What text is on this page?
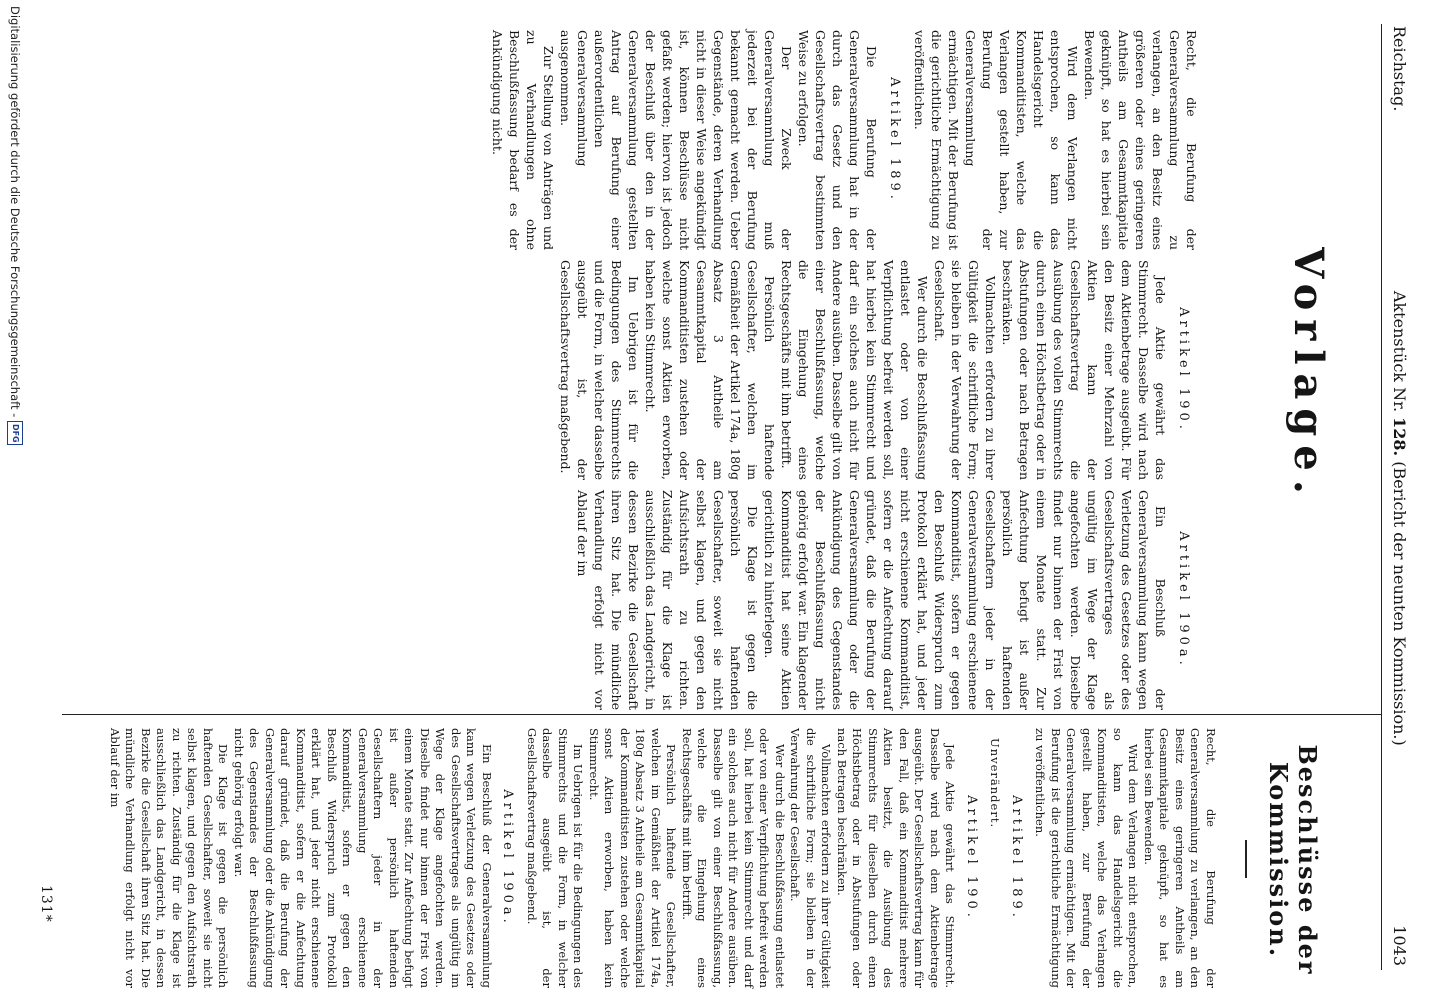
Reichstag.
Aktenstück Nr. 128. (Bericht der neunten Kommission.)
1043
Vorlage.
Beschlüsse der Kommission.

Recht, die Berufung der Generalversammlung zu verlangen, an den Besitz eines größeren oder eines geringeren Antheils am Gesammtkapitale geknüpft, so hat es hierbei sein Bewenden.

Wird dem Verlangen nicht entsprochen, so kann das Handelsgericht die Kommanditisten, welche das Verlangen gestellt haben, zur Berufung der Generalversammlung ermächtigen. Mit der Berufung ist die gerichtliche Ermächtigung zu veröffentlichen.

Artikel 189.

Die Berufung der Generalversammlung hat in der durch das Gesetz und den Gesellschaftsvertrag bestimmten Weise zu erfolgen.

Der Zweck der Generalversammlung muß jederzeit bei der Berufung bekannt gemacht werden. Ueber Gegenstände, deren Verhandlung nicht in dieser Weise angekündigt ist, können Beschlüsse nicht gefaßt werden; hiervon ist jedoch der Beschluß über den in der Generalversammlung gestellten Antrag auf Berufung einer außerordentlichen Generalversammlung ausgenommen.

Zur Stellung von Anträgen und zu Verhandlungen ohne Beschlußfassung bedarf es der Ankündigung nicht.

Artikel 190.

Jede Aktie gewährt das Stimmrecht. Dasselbe wird nach dem Aktienbetrage ausgeübt. Für den Besitz einer Mehrzahl von Aktien kann der Gesellschaftsvertrag die Ausübung des vollen Stimmrechts durch einen Höchstbetrag oder in Abstufungen oder nach Betragen beschränken.

Vollmachten erfordern zu ihrer Gültigkeit die schriftliche Form; sie bleiben in der Verwahrung der Gesellschaft.

Wer durch die Beschlußfassung entlastet oder von einer Verpflichtung befreit werden soll, hat hierbei kein Stimmrecht und darf ein solches auch nicht für Andere ausüben. Dasselbe gilt von einer Beschlußfassung, welche die Eingehung eines Rechtsgeschäfts mit ihm betrifft.

Persönlich haftende Gesellschafter, welchen im Gemäßheit der Artikel 174a, 180g Absatz 3 Antheile am Gesammtkapital der Kommanditisten zustehen oder welche sonst Aktien erworben, haben kein Stimmrecht.

Im Uebrigen ist für die Bedingungen des Stimmrechts und die Form, in welcher dasselbe ausgeübt ist, der Gesellschaftsvertrag maßgebend.

Artikel 190a.

Ein Beschluß der Generalversammlung kann wegen Verletzung des Gesetzes oder des Gesellschaftsvertrages als ungültig im Wege der Klage angefochten werden. Dieselbe findet nur binnen der Frist von einem Monate statt. Zur Anfechtung befugt ist außer persönlich haftenden Gesellschaftern jeder in der Generalversammlung erschienene Kommanditist, sofern er gegen den Beschluß Widerspruch zum Protokoll erklärt hat, und jeder nicht erschienene Kommanditist, sofern er die Anfechtung darauf gründet, daß die Berufung der Generalversammlung oder die Ankündigung des Gegenstandes der Beschlußfassung nicht gehörig erfolgt war. Ein klagender Kommanditist hat seine Aktien gerichtlich zu hinterlegen.

Die Klage ist gegen die persönlich haftenden Gesellschafter, soweit sie nicht selbst klagen, und gegen den Aufsichtsrath zu richten. Zuständig für die Klage ist ausschließlich das Landgericht, in dessen Bezirke die Gesellschaft ihren Sitz hat. Die mündliche Verhandlung erfolgt nicht vor Ablauf der im

Recht, die Berufung der Generalversammlung zu verlangen, an den Besitz eines geringeren Antheils am Gesammtkapitale geknüpft, so hat es hierbei sein Bewenden.

Wird dem Verlangen nicht entsprochen, so kann das Handelsgericht die Kommanditisten, welche das Verlangen gestellt haben, zur Berufung der Generalversammlung ermächtigen. Mit der Berufung ist die gerichtliche Ermächtigung zu veröffentlichen.

Artikel 189.

Unverändert.

Artikel 190.

Jede Aktie gewährt das Stimmrecht. Dasselbe wird nach dem Aktienbetrage ausgeübt. Der Gesellschaftsvertrag kann für den Fall, daß ein Kommanditist mehrere Aktien besitzt, die Ausübung des Stimmrechts für dieselben durch einen Höchstbetrag oder in Abstufungen oder nach Betragen beschränken.

Vollmachten erfordern zu ihrer Gültigkeit die schriftliche Form; sie bleiben in der Verwahrung der Gesellschaft.

Wer durch die Beschlußfassung entlastet oder von einer Verpflichtung befreit werden soll, hat hierbei kein Stimmrecht und darf ein solches auch nicht für Andere ausüben. Dasselbe gilt von einer Beschlußfassung, welche die Eingehung eines Rechtsgeschäfts mit ihm betrifft.

Persönlich haftende Gesellschafter, welchen im Gemäßheit der Artikel 174a, 180g Absatz 3 Antheile am Gesammtkapital der Kommanditisten zustehen oder welche sonst Aktien erworben, haben kein Stimmrecht.

Im Uebrigen ist für die Bedingungen des Stimmrechts und die Form, in welcher dasselbe ausgeübt ist, der Gesellschaftsvertrag maßgebend.

Artikel 190a.

Ein Beschluß der Generalversammlung kann wegen Verletzung des Gesetzes oder des Gesellschaftsvertrages als ungültig im Wege der Klage angefochten werden. Dieselbe findet nur binnen der Frist von einem Monate statt. Zur Anfechtung befugt ist außer persönlich haftenden Gesellschaftern jeder in der Generalversammlung erschienene Kommanditist, sofern er gegen den Beschluß Widerspruch zum Protokoll erklärt hat, und jeder nicht erschienene Kommanditist, sofern er die Anfechtung darauf gründet, daß die Berufung der Generalversammlung oder die Ankündigung des Gegenstandes der Beschlußfassung nicht gehörig erfolgt war.

Die Klage ist gegen die persönlich haftenden Gesellschafter, soweit sie nicht selbst klagen, und gegen den Aufsichtsrath zu richten. Zuständig für die Klage ist ausschließlich das Landgericht, in dessen Bezirke die Gesellschaft ihren Sitz hat. Die mündliche Verhandlung erfolgt nicht vor Ablauf der im

131*
Digitalisierung gefördert durch die Deutsche Forschungsgemeinschaft -
DFG
